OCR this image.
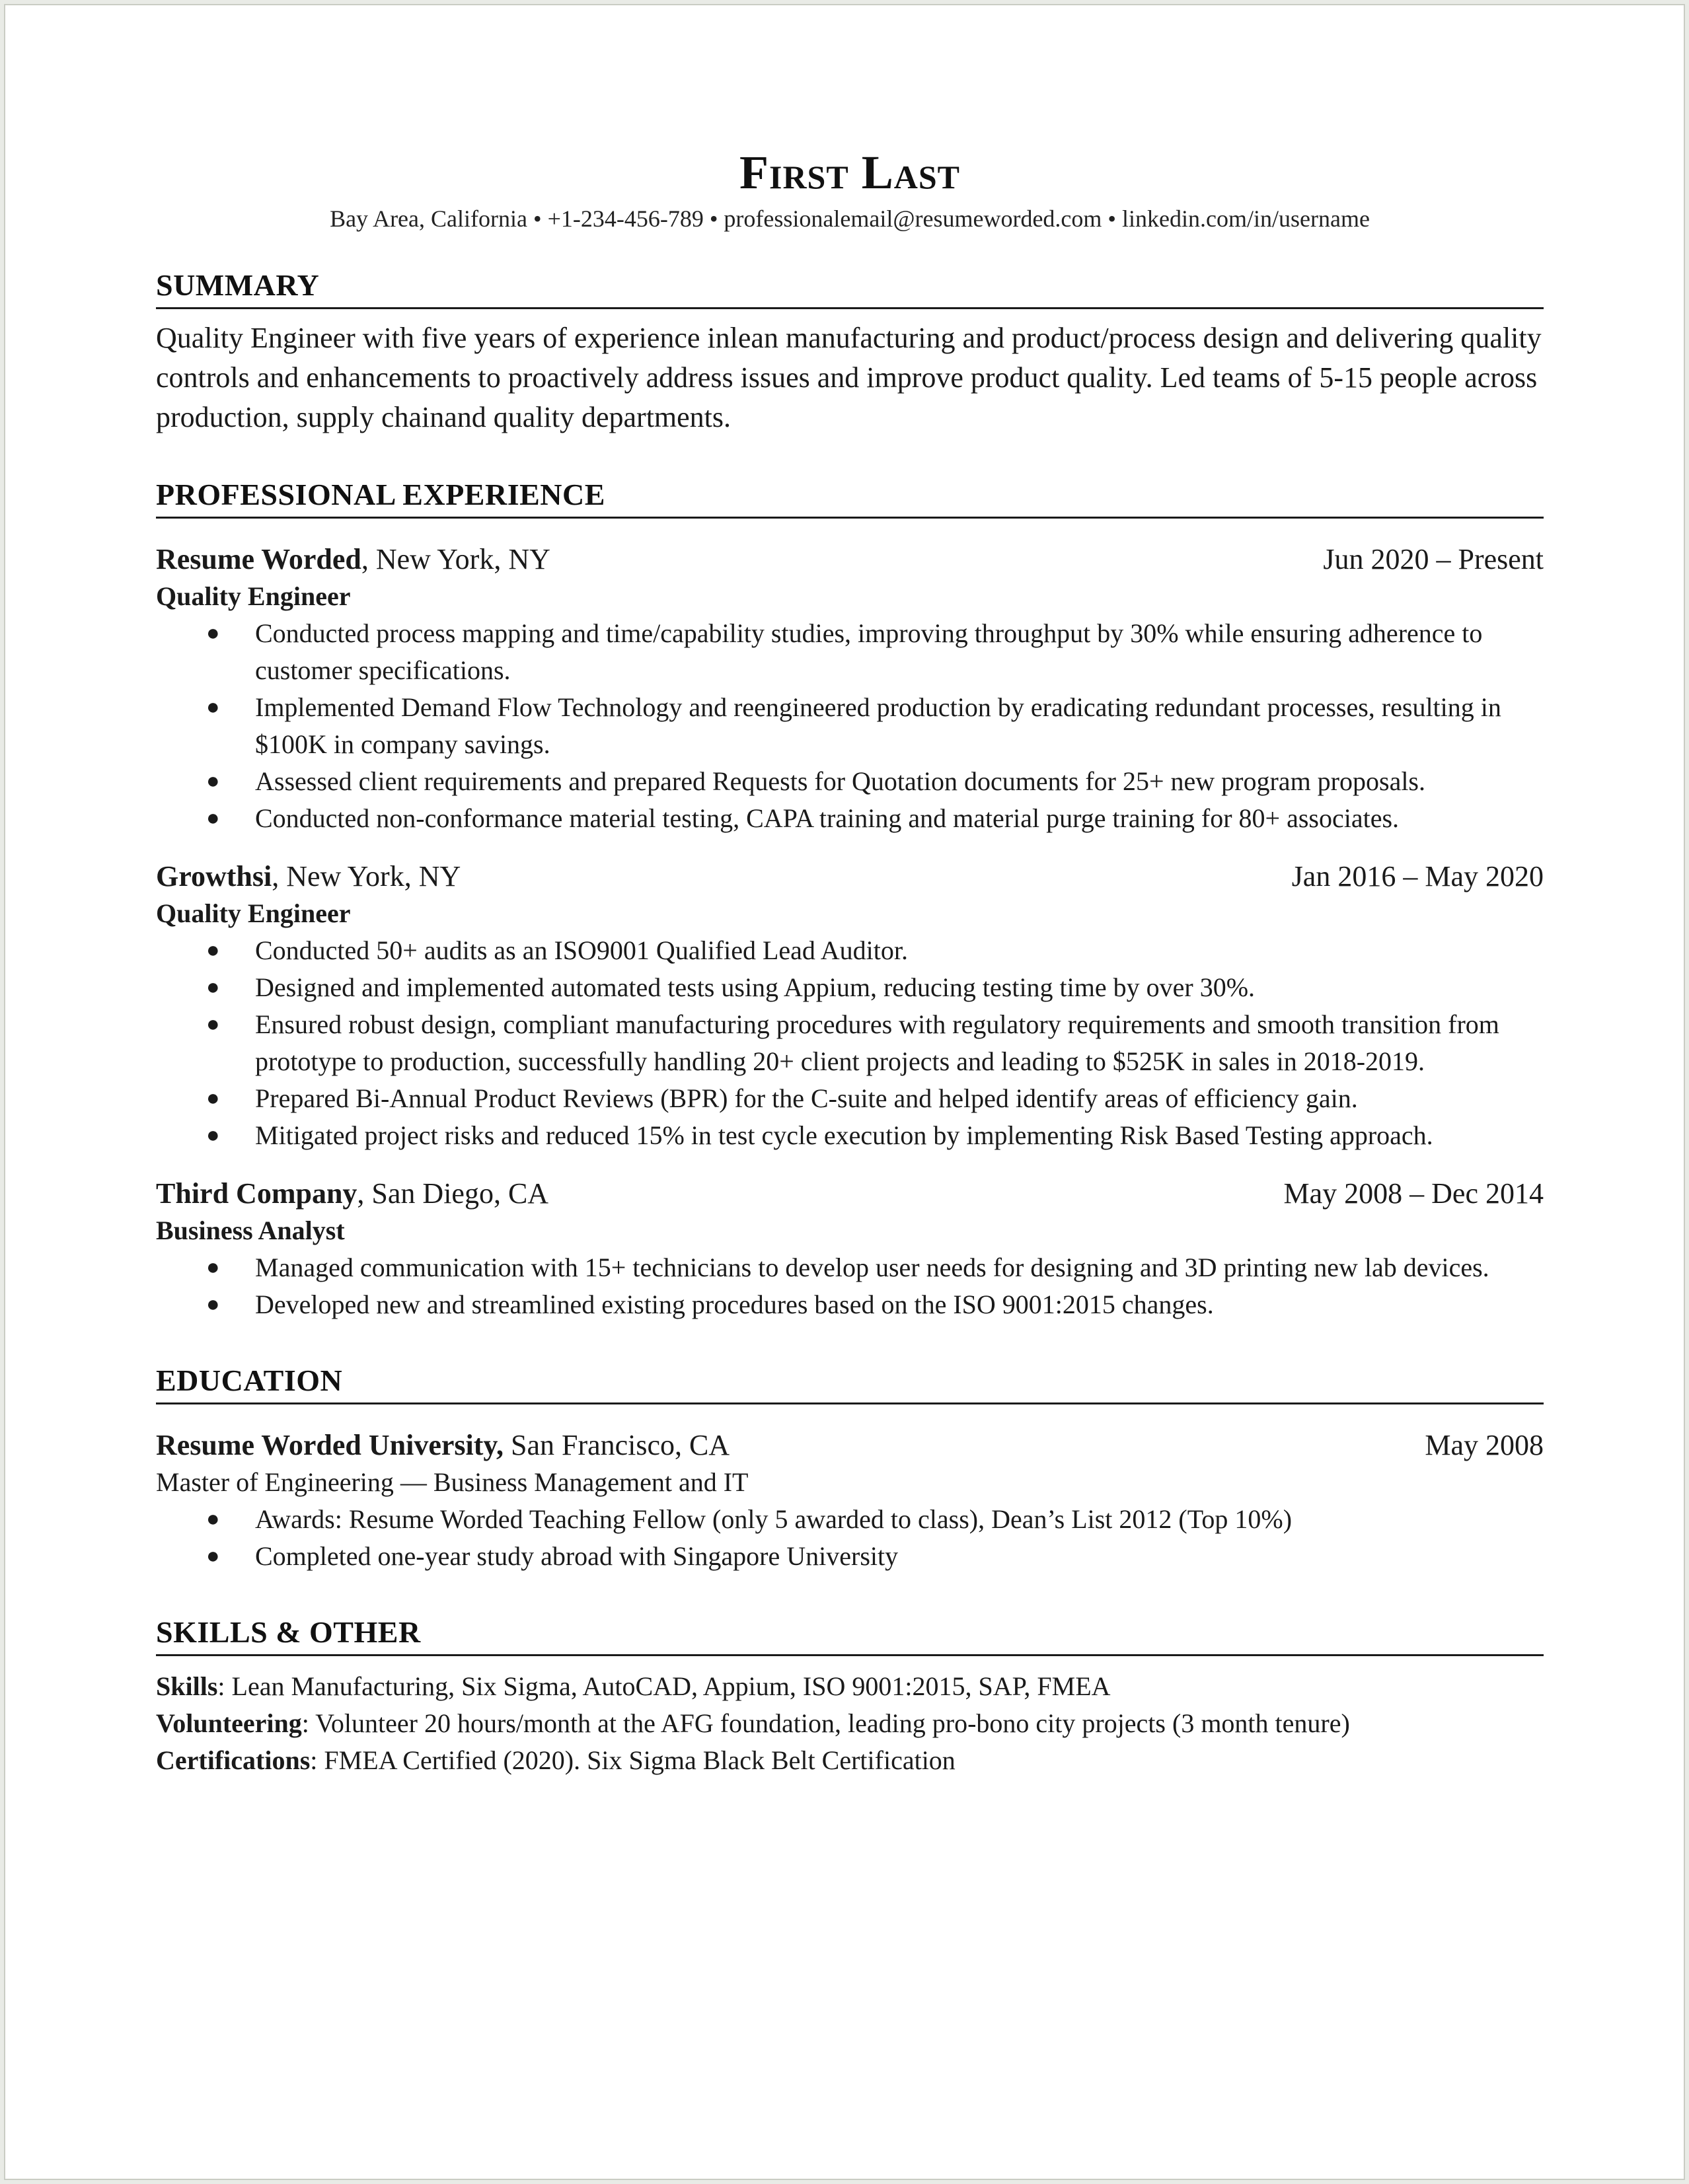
First Last
Bay Area, California • +1-234-456-789 • professionalemail@resumeworded.com • linkedin.com/in/username
SUMMARY
Quality Engineer with five years of experience inlean manufacturing and product/process design and delivering quality controls and enhancements to proactively address issues and improve product quality. Led teams of 5-15 people across production, supply chainand quality departments.
PROFESSIONAL EXPERIENCE
Resume Worded, New York, NY	Jun 2020 – Present
Quality Engineer
● Conducted process mapping and time/capability studies, improving throughput by 30% while ensuring adherence to customer specifications.
● Implemented Demand Flow Technology and reengineered production by eradicating redundant processes, resulting in $100K in company savings.
● Assessed client requirements and prepared Requests for Quotation documents for 25+ new program proposals.
● Conducted non-conformance material testing, CAPA training and material purge training for 80+ associates.
Growthsi, New York, NY	Jan 2016 – May 2020
Quality Engineer
● Conducted 50+ audits as an ISO9001 Qualified Lead Auditor.
● Designed and implemented automated tests using Appium, reducing testing time by over 30%.
● Ensured robust design, compliant manufacturing procedures with regulatory requirements and smooth transition from prototype to production, successfully handling 20+ client projects and leading to $525K in sales in 2018-2019.
● Prepared Bi-Annual Product Reviews (BPR) for the C-suite and helped identify areas of efficiency gain.
● Mitigated project risks and reduced 15% in test cycle execution by implementing Risk Based Testing approach.
Third Company, San Diego, CA	May 2008 – Dec 2014
Business Analyst
● Managed communication with 15+ technicians to develop user needs for designing and 3D printing new lab devices.
● Developed new and streamlined existing procedures based on the ISO 9001:2015 changes.
EDUCATION
Resume Worded University, San Francisco, CA	May 2008
Master of Engineering — Business Management and IT
● Awards: Resume Worded Teaching Fellow (only 5 awarded to class), Dean’s List 2012 (Top 10%)
● Completed one-year study abroad with Singapore University
SKILLS & OTHER
Skills: Lean Manufacturing, Six Sigma, AutoCAD, Appium, ISO 9001:2015, SAP, FMEA
Volunteering: Volunteer 20 hours/month at the AFG foundation, leading pro-bono city projects (3 month tenure)
Certifications: FMEA Certified (2020). Six Sigma Black Belt Certification
